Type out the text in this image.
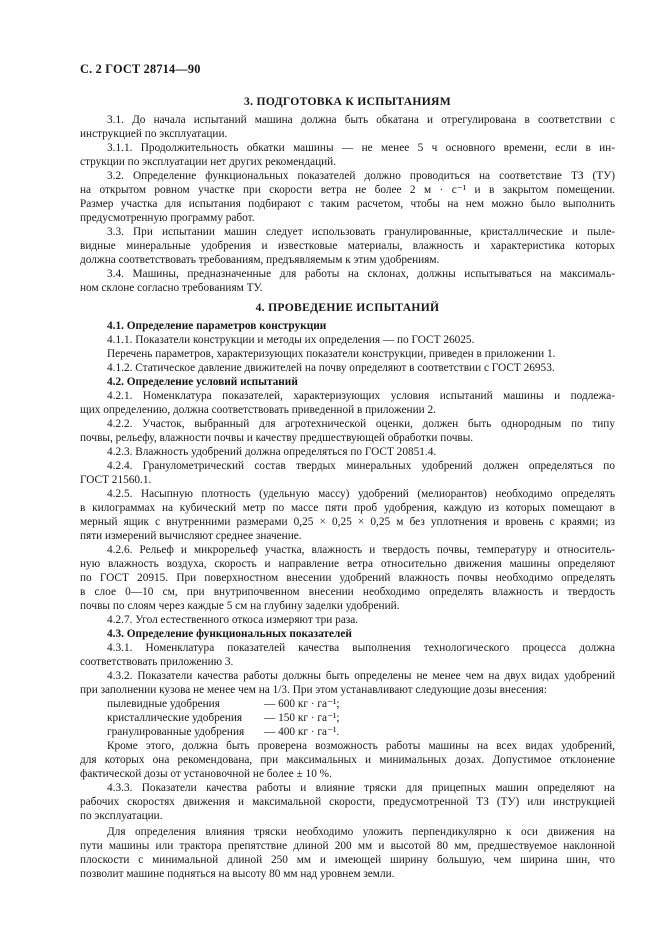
С. 2 ГОСТ 28714—90
3. ПОДГОТОВКА К ИСПЫТАНИЯМ
3.1. До начала испытаний машина должна быть обкатана и отрегулирована в соответствии с
инструкцией по эксплуатации.
3.1.1. Продолжительность обкатки машины — не менее 5 ч основного времени, если в ин-
струкции по эксплуатации нет других рекомендаций.
3.2. Определение функциональных показателей должно проводиться на соответствие ТЗ (ТУ)
на открытом ровном участке при скорости ветра не более 2 м · с⁻¹ и в закрытом помещении.
Размер участка для испытания подбирают с таким расчетом, чтобы на нем можно было выполнить
предусмотренную программу работ.
3.3. При испытании машин следует использовать гранулированные, кристаллические и пыле-
видные минеральные удобрения и известковые материалы, влажность и характеристика которых
должна соответствовать требованиям, предъявляемым к этим удобрениям.
3.4. Машины, предназначенные для работы на склонах, должны испытываться на максималь-
ном склоне согласно требованиям ТУ.
4. ПРОВЕДЕНИЕ ИСПЫТАНИЙ
4.1. Определение параметров конструкции
4.1.1. Показатели конструкции и методы их определения — по ГОСТ 26025.
Перечень параметров, характеризующих показатели конструкции, приведен в приложении 1.
4.1.2. Статическое давление движителей на почву определяют в соответствии с ГОСТ 26953.
4.2. Определение условий испытаний
4.2.1. Номенклатура показателей, характеризующих условия испытаний машины и подлежа-
щих определению, должна соответствовать приведенной в приложении 2.
4.2.2. Участок, выбранный для агротехнической оценки, должен быть однородным по типу
почвы, рельефу, влажности почвы и качеству предшествующей обработки почвы.
4.2.3. Влажность удобрений должна определяться по ГОСТ 20851.4.
4.2.4. Гранулометрический состав твердых минеральных удобрений должен определяться по
ГОСТ 21560.1.
4.2.5. Насыпную плотность (удельную массу) удобрений (мелиорантов) необходимо определять
в килограммах на кубический метр по массе пяти проб удобрения, каждую из которых помещают в
мерный ящик с внутренними размерами 0,25 × 0,25 × 0,25 м без уплотнения и вровень с краями; из
пяти измерений вычисляют среднее значение.
4.2.6. Рельеф и микрорельеф участка, влажность и твердость почвы, температуру и относитель-
ную влажность воздуха, скорость и направление ветра относительно движения машины определяют
по ГОСТ 20915. При поверхностном внесении удобрений влажность почвы необходимо определять
в слое 0—10 см, при внутрипочвенном внесении необходимо определять влажность и твердость
почвы по слоям через каждые 5 см на глубину заделки удобрений.
4.2.7. Угол естественного откоса измеряют три раза.
4.3. Определение функциональных показателей
4.3.1. Номенклатура показателей качества выполнения технологического процесса должна
соответствовать приложению 3.
4.3.2. Показатели качества работы должны быть определены не менее чем на двух видах удобрений
при заполнении кузова не менее чем на 1/3. При этом устанавливают следующие дозы внесения:
пылевидные удобрения	— 600 кг · га⁻¹;
кристаллические удобрения	— 150 кг · га⁻¹;
гранулированные удобрения	— 400 кг · га⁻¹.
Кроме этого, должна быть проверена возможность работы машины на всех видах удобрений,
для которых она рекомендована, при максимальных и минимальных дозах. Допустимое отклонение
фактической дозы от установочной не более ± 10 %.
4.3.3. Показатели качества работы и влияние тряски для прицепных машин определяют на
рабочих скоростях движения и максимальной скорости, предусмотренной ТЗ (ТУ) или инструкцией
по эксплуатации.
Для определения влияния тряски необходимо уложить перпендикулярно к оси движения на
пути машины или трактора препятствие длиной 200 мм и высотой 80 мм, предшествуемое наклонной
плоскости с минимальной длиной 250 мм и имеющей ширину большую, чем ширина шин, что
позволит машине подняться на высоту 80 мм над уровнем земли.
